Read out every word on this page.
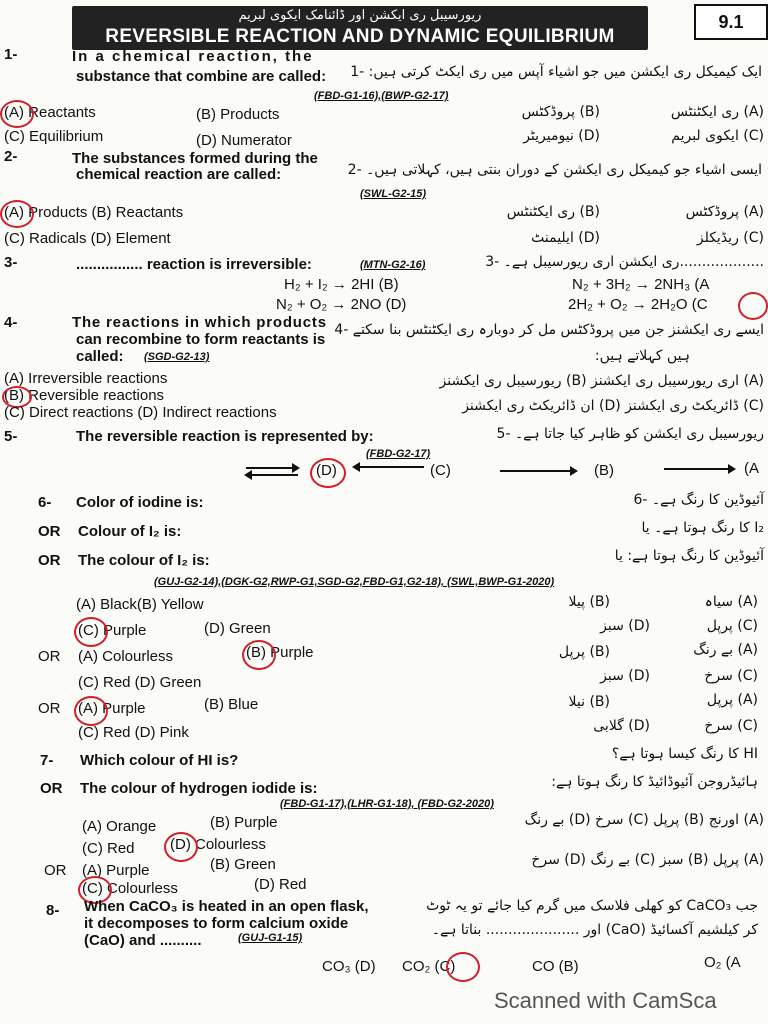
ریورسیبل ری ایکشن اور ڈائنامک ایکوی لبریم
REVERSIBLE REACTION AND DYNAMIC EQUILIBRIUM
9.1
1-	In a chemical reaction, the
substance that combine are called: ایک کیمیکل ری ایکشن میں جو اشیاء آپس میں ری ایکٹ کرتی ہیں: -1
(FBD-G1-16),(BWP-G2-17)
(A) Reactants	(B) Products
(C) Equilibrium	(D) Numerator
(A) ری ایکٹنٹس
(B) پروڈکٹس
(C) ایکوی لبریم
(D) نیومیریٹر
2-	The substances formed during the
chemical reaction are called:	ایسی اشیاء جو کیمیکل ری ایکشن کے دوران بنتی ہیں، کہلاتی ہیں۔ -2
(SWL-G2-15)
(A) Products (B) Reactants
(C) Radicals (D) Element
(A) پروڈکٹس
(B) ری ایکٹنٹس
(C) ریڈیکلز
(D) ایلیمنٹ
3-	................ reaction is irreversible:	(MTN-G2-16)	...................ری ایکشن اری ریورسیبل ہے۔ -3
H₂ + I₂ → 2HI (B)
N₂ + O₂ → 2NO (D)
N₂ + 3H₂ → 2NH₃ (A
2H₂ + O₂ → 2H₂O (C
4-	The reactions in which products
can recombine to form reactants is
called: (SGD-G2-13)
ایسے ری ایکشنز جن میں پروڈکٹس مل کر دوبارہ ری ایکٹنٹس بنا سکتے -4
ہیں کہلاتے ہیں:
(A) Irreversible reactions
(B) Reversible reactions
(C) Direct reactions (D) Indirect reactions
(A) اری ریورسیبل ری ایکشنز (B) ریورسیبل ری ایکشنز
(C) ڈائریکٹ ری ایکشنز (D) ان ڈائریکٹ ری ایکشنز
5-	The reversible reaction is represented by:	ریورسیبل ری ایکشن کو ظاہر کیا جاتا ہے۔ -5
(FBD-G2-17)
(D)	(C)	(B)	(A
6- Color of iodine is:
OR Colour of I₂ is:
OR The colour of I₂ is:
آئیوڈین کا رنگ ہے۔ -6
I₂ کا رنگ ہوتا ہے۔ یا
آئیوڈین کا رنگ ہوتا ہے: یا
(GUJ-G2-14),(DGK-G2,RWP-G1,SGD-G2,FBD-G1,G2-18), (SWL,BWP-G1-2020)
(A) Black(B) Yellow
(C) Purple	(D) Green
(A) سیاہ
(B) پیلا
(C) پرپل
(D) سبز
OR (A) Colourless	(B) Purple
(C) Red (D) Green
(A) بے رنگ
(B) پرپل
(C) سرخ
(D) سبز
OR (A) Purple	(B) Blue
(C) Red (D) Pink
(A) پرپل
(B) نیلا
(C) سرخ
(D) گلابی
7- Which colour of HI is?
OR The colour of hydrogen iodide is:
HI کا رنگ کیسا ہوتا ہے؟
ہائیڈروجن آئیوڈائیڈ کا رنگ ہوتا ہے:
(FBD-G1-17),(LHR-G1-18), (FBD-G2-2020)
(A) Orange	(B) Purple
(C) Red (D) Colourless
(A) اورنج (B) پرپل (C) سرخ (D) بے رنگ
OR (A) Purple	(B) Green
(C) Colourless	(D) Red
(A) پرپل (B) سبز (C) بے رنگ (D) سرخ
8- When CaCO₃ is heated in an open flask,
it decomposes to form calcium oxide
(CaO) and ..........	(GUJ-G1-15)
جب CaCO₃ کو کھلی فلاسک میں گرم کیا جائے تو یہ ٹوٹ
کر کیلشیم آکسائیڈ (CaO) اور ..................... بناتا ہے۔
CO₃ (D) CO₂ (C)	CO (B)	O₂ (A
Scanned with CamSca
